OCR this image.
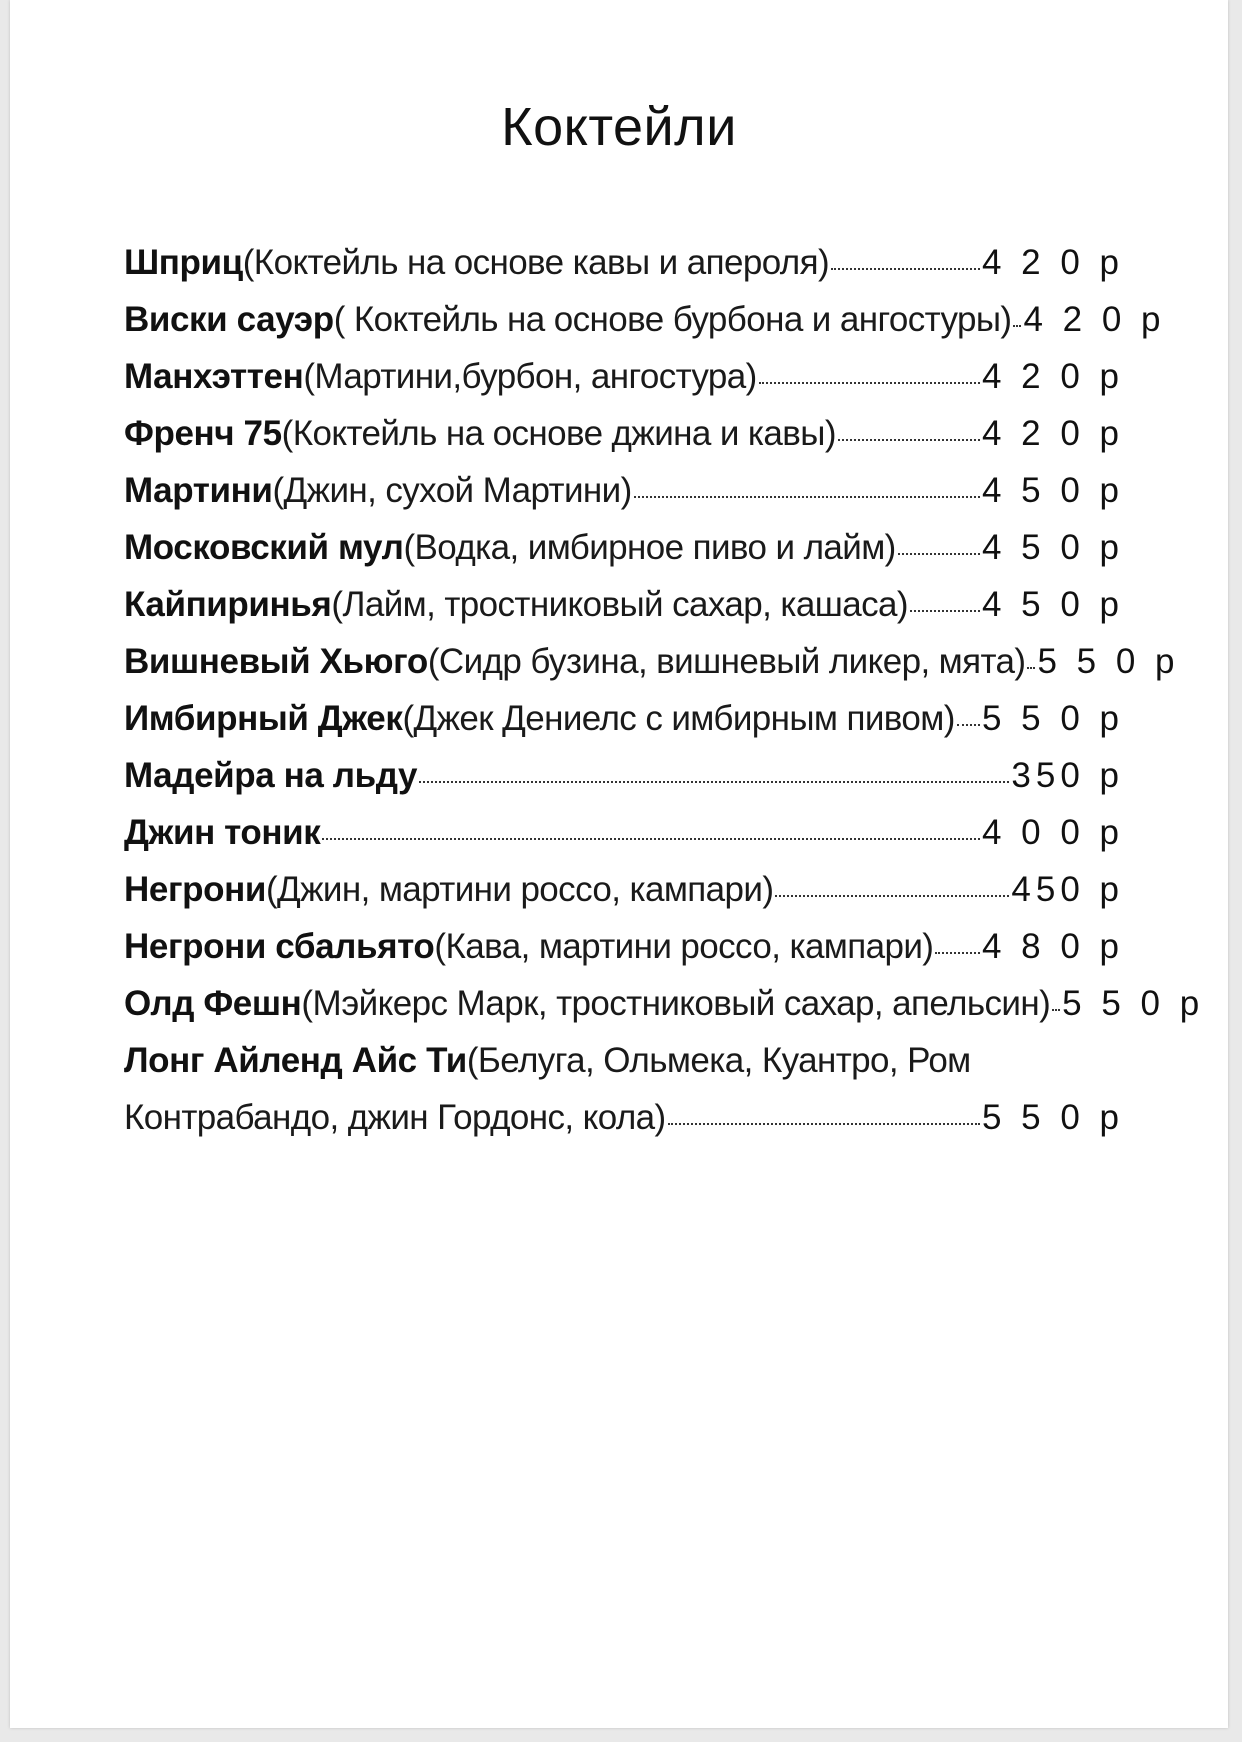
Коктейли
Шприц (Коктейль на основе кавы и апероля)	4 2 0 р
Виски сауэр ( Коктейль на основе бурбона и ангостуры) 4 2 0 р
Манхэттен (Мартини,бурбон, ангостура)	4 2 0 р
Френч 75 (Коктейль на основе джина и кавы)	4 2 0 р
Мартини (Джин, сухой Мартини)	4 5 0 р
Московский мул (Водка, имбирное пиво и лайм) 4 5 0 р
Кайпиринья (Лайм, тростниковый сахар, кашаса) 4 5 0 р
Вишневый Хьюго (Сидр бузина, вишневый ликер, мята) 5 5 0 р
Имбирный Джек (Джек Дениелс с имбирным пивом) 5 5 0 р
Мадейра на льду	350 р
Джин тоник	4 0 0 р
Негрони (Джин, мартини россо, кампари)	450 р
Негрони сбальято (Кава, мартини россо, кампари) 4 8 0 р
Олд Фешн (Мэйкерс Марк, тростниковый сахар, апельсин) 5 5 0 р
Лонг Айленд Айс Ти (Белуга, Ольмека, Куантро, Ром
Контрабандо, джин Гордонс, кола)	5 5 0 р
